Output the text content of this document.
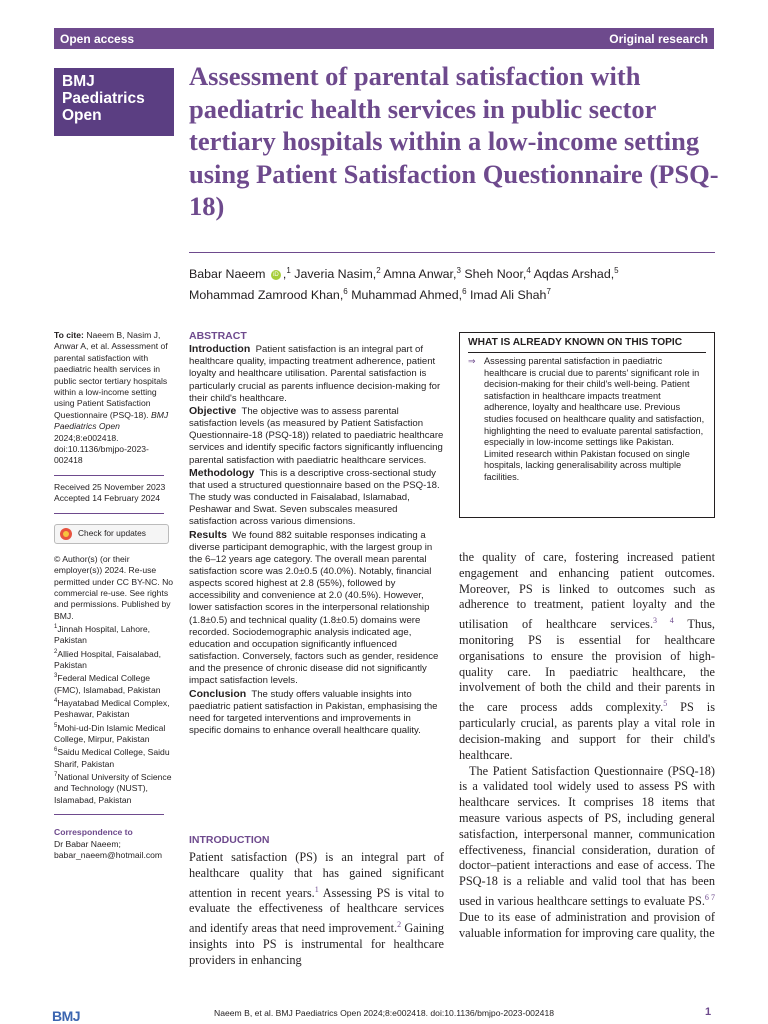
Open access	Original research
BMJ
Paediatrics
Open
Assessment of parental satisfaction with paediatric health services in public sector tertiary hospitals within a low-income setting using Patient Satisfaction Questionnaire (PSQ-18)
Babar Naeem iD ,$^1$ Javeria Nasim,$^2$ Amna Anwar,$^3$ Sheh Noor,$^4$ Aqdas Arshad,$^5$
Mohammad Zamrood Khan,$^6$ Muhammad Ahmed,$^6$ Imad Ali Shah$^7$
To cite: Naeem B, Nasim J, Anwar A, et al. Assessment of parental satisfaction with paediatric health services in public sector tertiary hospitals within a low-income setting using Patient Satisfaction Questionnaire (PSQ-18). BMJ Paediatrics Open 2024;8:e002418. doi:10.1136/bmjpo-2023-002418
Received 25 November 2023
Accepted 14 February 2024
Check for updates
© Author(s) (or their employer(s)) 2024. Re-use permitted under CC BY-NC. No commercial re-use. See rights and permissions. Published by BMJ.
$^1$Jinnah Hospital, Lahore, Pakistan
$^2$Allied Hospital, Faisalabad, Pakistan
$^3$Federal Medical College (FMC), Islamabad, Pakistan
$^4$Hayatabad Medical Complex, Peshawar, Pakistan
$^5$Mohi-ud-Din Islamic Medical College, Mirpur, Pakistan
$^6$Saidu Medical College, Saidu Sharif, Pakistan
$^7$National University of Science and Technology (NUST), Islamabad, Pakistan
Correspondence to
Dr Babar Naeem; babar_naeem@hotmail.com
ABSTRACT

Introduction Patient satisfaction is an integral part of healthcare quality, impacting treatment adherence, patient loyalty and healthcare utilisation. Parental satisfaction is particularly crucial as parents influence decision-making for their child's healthcare.

Objective The objective was to assess parental satisfaction levels (as measured by Patient Satisfaction Questionnaire-18 (PSQ-18)) related to paediatric healthcare services and identify specific factors significantly influencing parental satisfaction with paediatric healthcare services.

Methodology This is a descriptive cross-sectional study that used a structured questionnaire based on the PSQ-18. The study was conducted in Faisalabad, Islamabad, Peshawar and Swat. Seven subscales measured satisfaction across various dimensions.

Results We found 882 suitable responses indicating a diverse participant demographic, with the largest group in the 6–12 years age category. The overall mean parental satisfaction score was 2.0±0.5 (40.0%). Notably, financial aspects scored highest at 2.8 (55%), followed by accessibility and convenience at 2.0 (40.5%). However, lower satisfaction scores in the interpersonal relationship (1.8±0.5) and technical quality (1.8±0.5) domains were recorded. Sociodemographic analysis indicated age, education and occupation significantly influenced satisfaction. Conversely, factors such as gender, residence and the presence of chronic disease did not significantly impact satisfaction levels.

Conclusion The study offers valuable insights into paediatric patient satisfaction in Pakistan, emphasising the need for targeted interventions and improvements in specific domains to enhance overall healthcare quality.

WHAT IS ALREADY KNOWN ON THIS TOPIC
⇒ Assessing parental satisfaction in paediatric healthcare is crucial due to parents' significant role in decision-making for their child's well-being. Patient satisfaction in healthcare impacts treatment adherence, loyalty and healthcare use. Previous studies focused on healthcare quality and satisfaction, highlighting the need to evaluate parental satisfaction, especially in low-income settings like Pakistan. Limited research within Pakistan focused on single hospitals, lacking generalisability across multiple facilities.
INTRODUCTION
Patient satisfaction (PS) is an integral part of healthcare quality that has gained significant attention in recent years.$^1$ Assessing PS is vital to evaluate the effectiveness of healthcare services and identify areas that need improvement.$^2$ Gaining insights into PS is instrumental for healthcare providers in enhancing

the quality of care, fostering increased patient engagement and enhancing patient outcomes. Moreover, PS is linked to outcomes such as adherence to treatment, patient loyalty and the utilisation of healthcare services.$^{3 4}$ Thus, monitoring PS is essential for healthcare organisations to ensure the provision of high-quality care. In paediatric healthcare, the involvement of both the child and their parents in the care process adds complexity.$^5$ PS is particularly crucial, as parents play a vital role in decision-making and support for their child's healthcare.

The Patient Satisfaction Questionnaire (PSQ-18) is a validated tool widely used to assess PS with healthcare services. It comprises 18 items that measure various aspects of PS, including general satisfaction, interpersonal manner, communication effectiveness, financial consideration, duration of doctor–patient interactions and ease of access. The PSQ-18 is a reliable and valid tool that has been used in various healthcare settings to evaluate PS.$^{6 7}$ Due to its ease of administration and provision of valuable information for improving care quality, the

BMJ	Naeem B, et al. BMJ Paediatrics Open 2024;8:e002418. doi:10.1136/bmjpo-2023-002418	1
